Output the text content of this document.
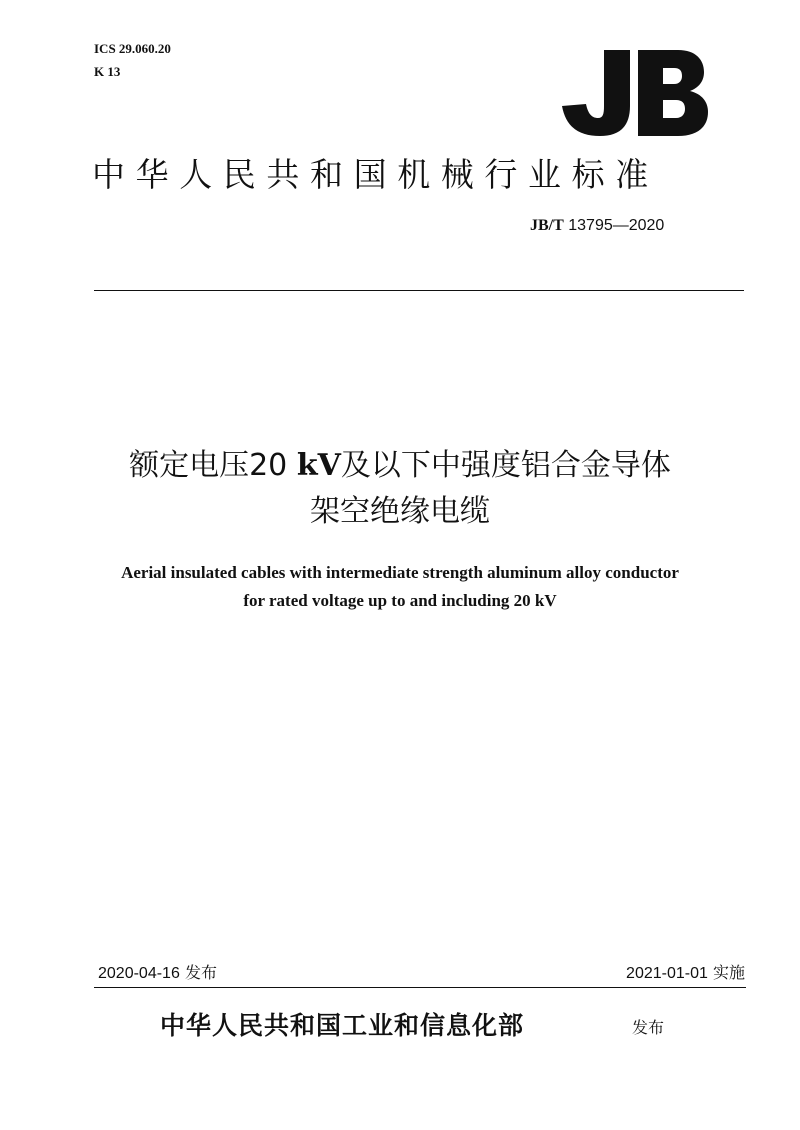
ICS 29.060.20
K 13
中华人民共和国机械行业标准
JB/T 13795—2020
额定电压20 kV及以下中强度铝合金导体
架空绝缘电缆
Aerial insulated cables with intermediate strength aluminum alloy conductor
for rated voltage up to and including 20 kV
2020-04-16 发布	2021-01-01 实施
中华人民共和国工业和信息化部	发布
